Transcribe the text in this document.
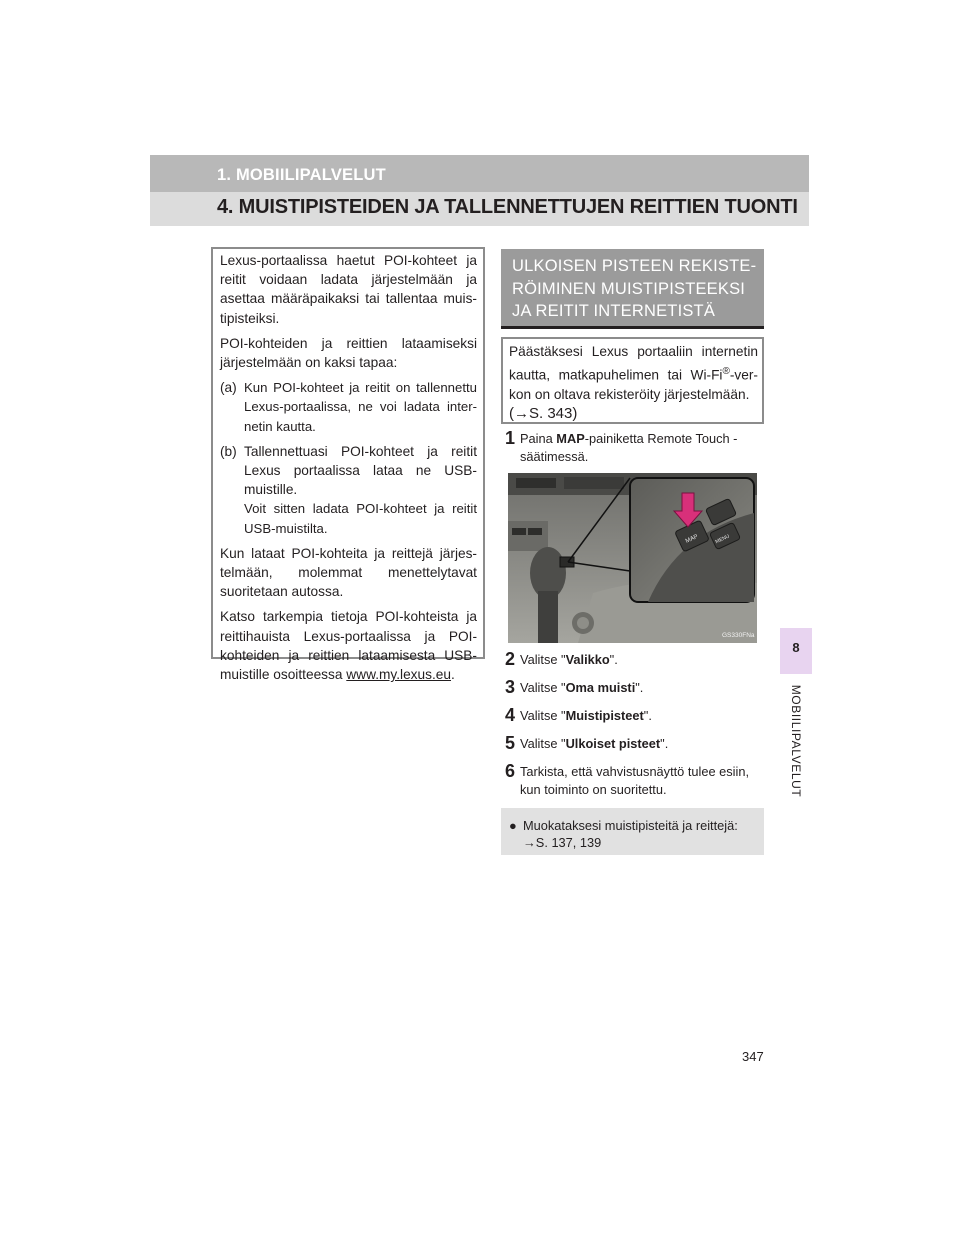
1. MOBIILIPALVELUT
4. MUISTIPISTEIDEN JA TALLENNETTUJEN REITTIEN TUONTI

Lexus-portaalissa haetut POI-kohteet ja reitit voidaan ladata järjestelmään ja asettaa määräpaikaksi tai tallentaa muis-tipisteiksi.

POI-kohteiden ja reittien lataamiseksi järjestelmään on kaksi tapaa:

(a) Kun POI-kohteet ja reitit on tallennettu Lexus-portaalissa, ne voi ladata inter-netin kautta.
(b) Tallennettuasi POI-kohteet ja reitit Lexus portaalissa lataa ne USB-muistille.
Voit sitten ladata POI-kohteet ja reitit USB-muistilta.

Kun lataat POI-kohteita ja reittejä järjes-telmään, molemmat menettelytavat suoritetaan autossa.

Katso tarkempia tietoja POI-kohteista ja reittihauista Lexus-portaalissa ja POI-kohteiden ja reittien lataamisesta USB-muistille osoitteessa www.my.lexus.eu.

ULKOISEN PISTEEN REKISTE-
RÖIMINEN MUISTIPISTEEKSI
JA REITIT INTERNETISTÄ
Päästäksesi Lexus portaaliin internetin kautta, matkapuhelimen tai Wi-Fi®-ver-kon on oltava rekisteröity järjestelmään.
(→S. 343)
1 Paina MAP-painiketta Remote Touch -säätimessä.
MAP	MENU
GS330FNa
2 Valitse "Valikko".
3 Valitse "Oma muisti".
4 Valitse "Muistipisteet".
5 Valitse "Ulkoiset pisteet".
6 Tarkista, että vahvistusnäyttö tulee esiin, kun toiminto on suoritettu.
● Muokataksesi muistipisteitä ja reittejä: →S. 137, 139
8
MOBIILIPALVELUT
347
